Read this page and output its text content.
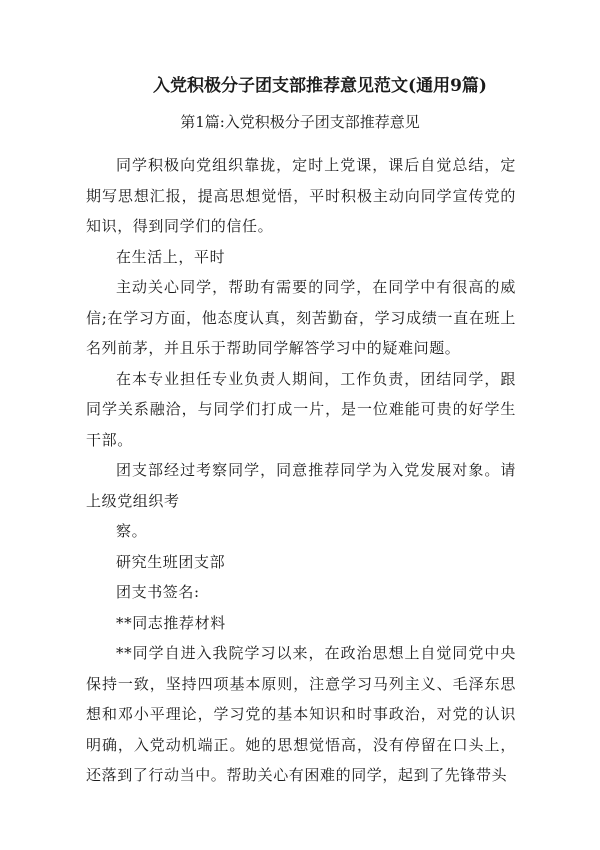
入党积极分子团支部推荐意见范文(通用9篇)
第1篇:入党积极分子团支部推荐意见

同学积极向党组织靠拢，定时上党课，课后自觉总结，定期写思想汇报，提高思想觉悟，平时积极主动向同学宣传党的知识，得到同学们的信任。

在生活上，平时

主动关心同学，帮助有需要的同学，在同学中有很高的威信;在学习方面，他态度认真，刻苦勤奋，学习成绩一直在班上名列前茅，并且乐于帮助同学解答学习中的疑难问题。

在本专业担任专业负责人期间，工作负责，团结同学，跟同学关系融洽，与同学们打成一片，是一位难能可贵的好学生干部。

团支部经过考察同学，同意推荐同学为入党发展对象。请上级党组织考

察。

研究生班团支部

团支书签名:

**同志推荐材料

**同学自进入我院学习以来，在政治思想上自觉同党中央保持一致，坚持四项基本原则，注意学习马列主义、毛泽东思想和邓小平理论，学习党的基本知识和时事政治，对党的认识明确，入党动机端正。她的思想觉悟高，没有停留在口头上，还落到了行动当中。帮助关心有困难的同学，起到了先锋带头
